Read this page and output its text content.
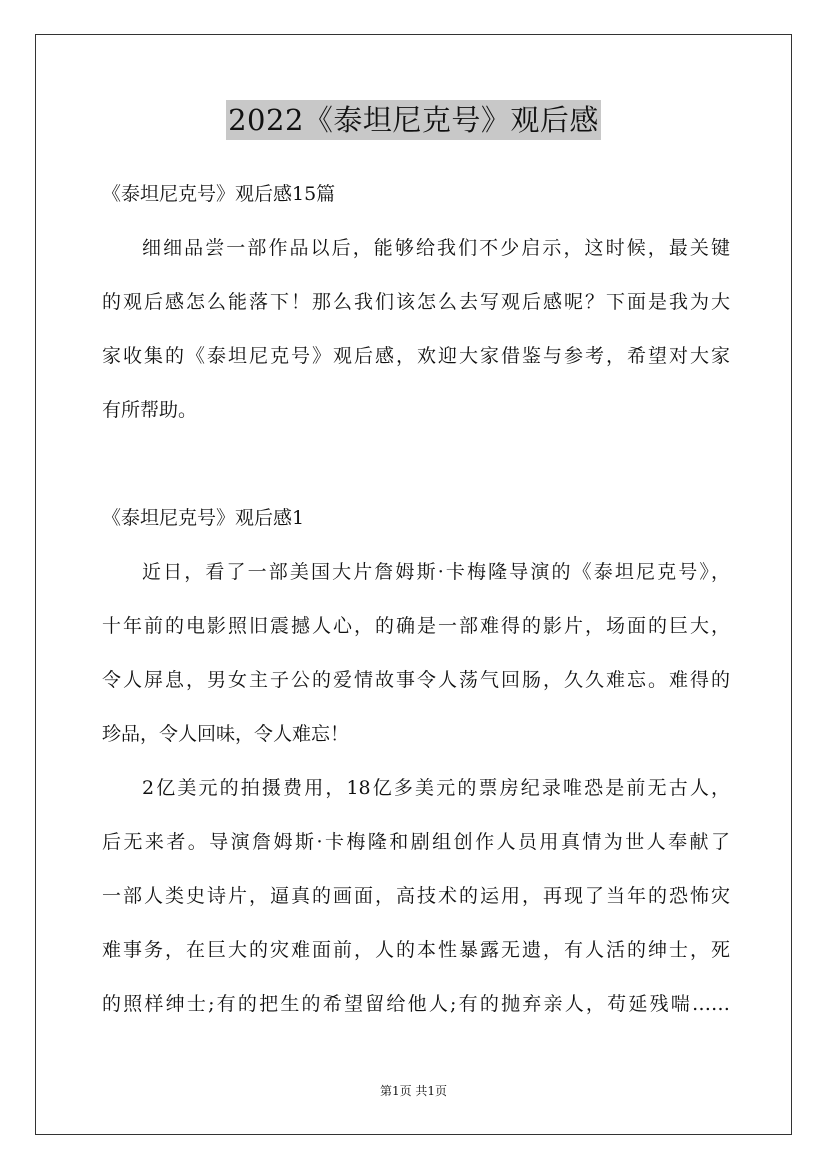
2022《泰坦尼克号》观后感
《泰坦尼克号》观后感15篇
细细品尝一部作品以后，能够给我们不少启示，这时候，最关键
的观后感怎么能落下！那么我们该怎么去写观后感呢？下面是我为大
家收集的《泰坦尼克号》观后感，欢迎大家借鉴与参考，希望对大家
有所帮助。
《泰坦尼克号》观后感1
近日，看了一部美国大片詹姆斯·卡梅隆导演的《泰坦尼克号》，
十年前的电影照旧震撼人心，的确是一部难得的影片，场面的巨大，
令人屏息，男女主子公的爱情故事令人荡气回肠，久久难忘。难得的
珍品，令人回味，令人难忘！
2亿美元的拍摄费用，18亿多美元的票房纪录唯恐是前无古人，
后无来者。导演詹姆斯·卡梅隆和剧组创作人员用真情为世人奉献了
一部人类史诗片，逼真的画面，高技术的运用，再现了当年的恐怖灾
难事务，在巨大的灾难面前，人的本性暴露无遗，有人活的绅士，死
的照样绅士;有的把生的希望留给他人;有的抛弃亲人，苟延残喘……
第1页 共1页
